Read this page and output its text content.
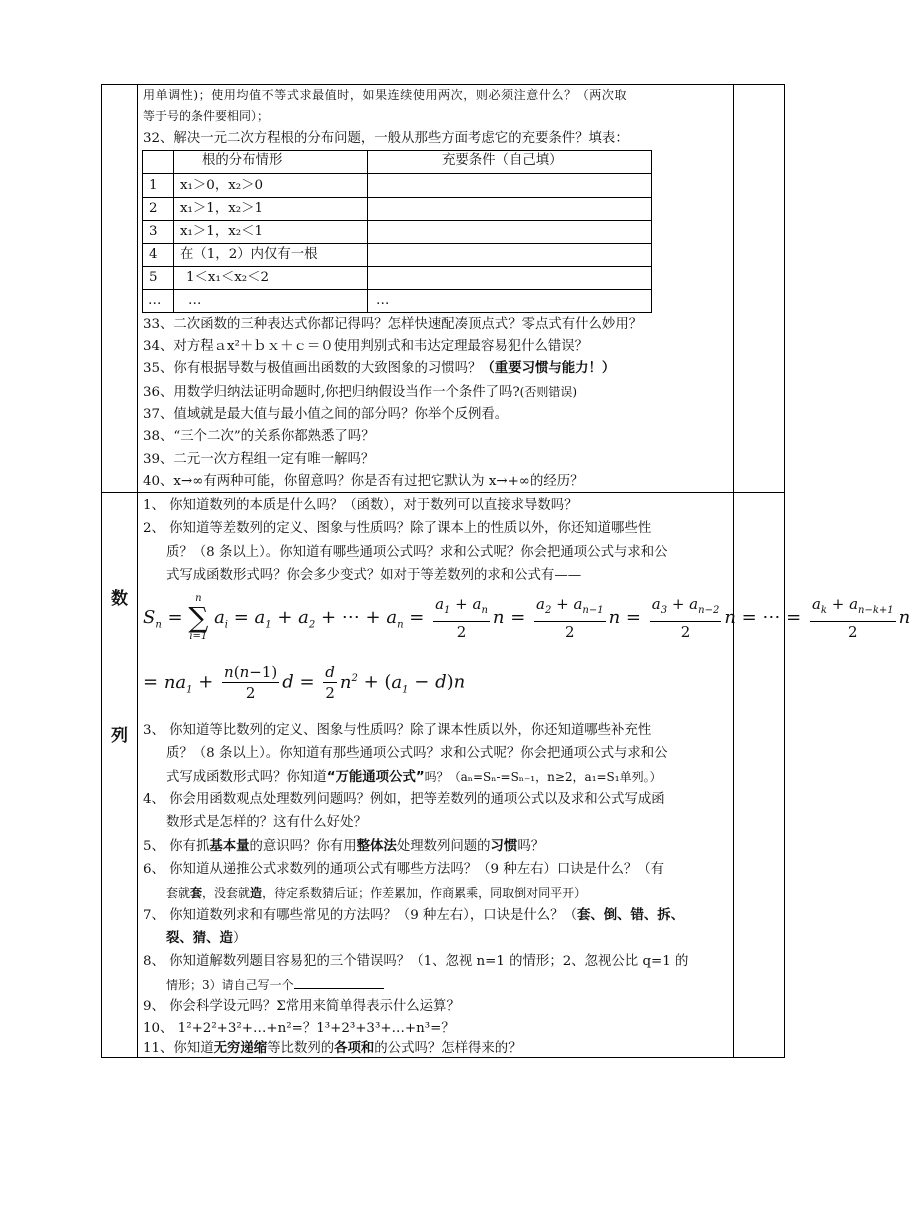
用单调性)；使用均值不等式求最值时，如果连续使用两次，则必须注意什么？（两次取
等于号的条件要相同）；
32、解决一元二次方程根的分布问题，一般从那些方面考虑它的充要条件？填表：
根的分布情形	充要条件（自己填）
1 x₁＞0，x₂＞0
2 x₁＞1，x₂＞1
3 x₁＞1，x₂＜1
4 在（1，2）内仅有一根
5 1＜x₁＜x₂＜2
… …	…
33、二次函数的三种表达式你都记得吗？怎样快速配凑顶点式？零点式有什么妙用？
34、对方程ａx²＋ｂｘ＋ｃ＝０使用判别式和韦达定理最容易犯什么错误？
35、你有根据导数与极值画出函数的大致图象的习惯吗？（重要习惯与能力！）
36、用数学归纳法证明命题时,你把归纳假设当作一个条件了吗?(否则错误)
37、值域就是最大值与最小值之间的部分吗？你举个反例看。
38、“三个二次”的关系你都熟悉了吗？
39、二元一次方程组一定有唯一解吗？
40、x→∞有两种可能，你留意吗？你是否有过把它默认为 x→+∞的经历？
数
列
1、 你知道数列的本质是什么吗？（函数），对于数列可以直接求导数吗？
2、 你知道等差数列的定义、图象与性质吗？除了课本上的性质以外，你还知道哪些性
质？（8 条以上）。你知道有哪些通项公式吗？求和公式呢？你会把通项公式与求和公
式写成函数形式吗？你会多少变式？如对于等差数列的求和公式有——
$S_n$ =
n
∑
i=1
$a_i = a_1 + a_2$ + ⋯ + $a_n = \frac{a_1 + a_n}{2}$ $n = \frac{a_2 + a_{n-1}}{2}$ $n = \frac{a_3 + a_{n-2}}{2}$ n = ⋯ = $\frac{a_k + a_{n-k+1}}{2}$ n
= $na_1 + \frac{n(n-1)}{2}$ $d = \frac{d}{2} n^2 + (a_1 - d)n$
3、 你知道等比数列的定义、图象与性质吗？除了课本性质以外，你还知道哪些补充性
质？（8 条以上）。你知道有那些通项公式吗？求和公式呢？你会把通项公式与求和公
式写成函数形式吗？你知道“万能通项公式”吗？（aₙ=Sₙ-=Sₙ₋₁，n≥2，a₁=S₁单列。）
4、 你会用函数观点处理数列问题吗？例如，把等差数列的通项公式以及求和公式写成函
数形式是怎样的？这有什么好处？
5、 你有抓基本量的意识吗？你有用整体法处理数列问题的习惯吗？
6、 你知道从递推公式求数列的通项公式有哪些方法吗？（9 种左右）口诀是什么？（有
套就套，没套就造，待定系数猜后证；作差累加，作商累乘，同取倒对同平开）
7、 你知道数列求和有哪些常见的方法吗？（9 种左右），口诀是什么？（套、倒、错、拆、
裂、猜、造）
8、 你知道解数列题目容易犯的三个错误吗？（1、忽视 n=1 的情形；2、忽视公比 q=1 的
情形；3）请自己写一个
9、 你会科学设元吗？Σ常用来简单得表示什么运算？
10、 1²+2²+3²+…+n²=？1³+2³+3³+…+n³=？
11、你知道无穷递缩等比数列的各项和的公式吗？怎样得来的？
